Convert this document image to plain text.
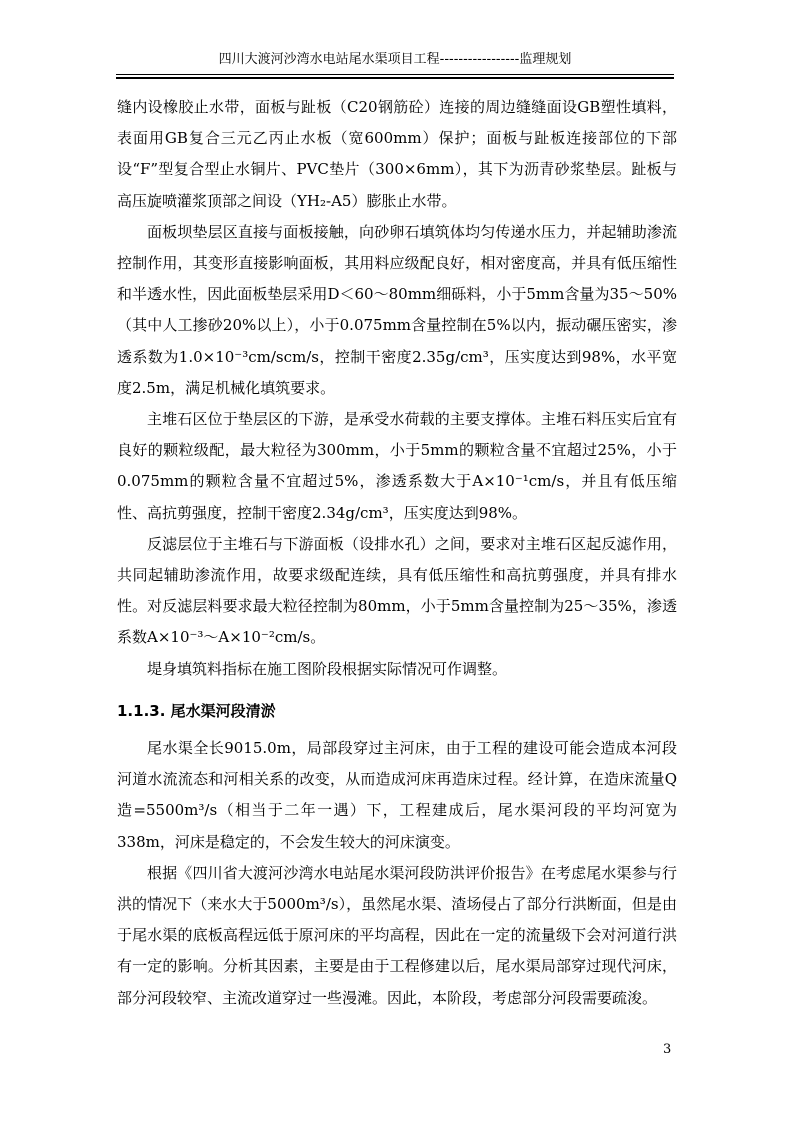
四川大渡河沙湾水电站尾水渠项目工程-----------------监理规划

缝内设橡胶止水带，面板与趾板（C20钢筋砼）连接的周边缝缝面设GB塑性填料，表面用GB复合三元乙丙止水板（宽600mm）保护；面板与趾板连接部位的下部设“F”型复合型止水铜片、PVC垫片（300×6mm），其下为沥青砂浆垫层。趾板与高压旋喷灌浆顶部之间设（YH₂-A5）膨胀止水带。

面板坝垫层区直接与面板接触，向砂卵石填筑体均匀传递水压力，并起辅助渗流控制作用，其变形直接影响面板，其用料应级配良好，相对密度高，并具有低压缩性和半透水性，因此面板垫层采用D＜60～80mm细砾料，小于5mm含量为35～50%（其中人工掺砂20%以上），小于0.075mm含量控制在5%以内，振动碾压密实，渗透系数为1.0×10⁻³cm/scm/s，控制干密度2.35g/cm³，压实度达到98%，水平宽度2.5m，满足机械化填筑要求。

主堆石区位于垫层区的下游，是承受水荷载的主要支撑体。主堆石料压实后宜有良好的颗粒级配，最大粒径为300mm，小于5mm的颗粒含量不宜超过25%，小于0.075mm的颗粒含量不宜超过5%，渗透系数大于A×10⁻¹cm/s，并且有低压缩性、高抗剪强度，控制干密度2.34g/cm³，压实度达到98%。

反滤层位于主堆石与下游面板（设排水孔）之间，要求对主堆石区起反滤作用，共同起辅助渗流作用，故要求级配连续，具有低压缩性和高抗剪强度，并具有排水性。对反滤层料要求最大粒径控制为80mm，小于5mm含量控制为25～35%，渗透系数A×10⁻³～A×10⁻²cm/s。

堤身填筑料指标在施工图阶段根据实际情况可作调整。

1.1.3. 尾水渠河段清淤

尾水渠全长9015.0m，局部段穿过主河床，由于工程的建设可能会造成本河段河道水流流态和河相关系的改变，从而造成河床再造床过程。经计算，在造床流量Q造=5500m³/s（相当于二年一遇）下，工程建成后，尾水渠河段的平均河宽为338m，河床是稳定的，不会发生较大的河床演变。

根据《四川省大渡河沙湾水电站尾水渠河段防洪评价报告》在考虑尾水渠参与行洪的情况下（来水大于5000m³/s），虽然尾水渠、渣场侵占了部分行洪断面，但是由于尾水渠的底板高程远低于原河床的平均高程，因此在一定的流量级下会对河道行洪有一定的影响。分析其因素，主要是由于工程修建以后，尾水渠局部穿过现代河床，部分河段较窄、主流改道穿过一些漫滩。因此，本阶段，考虑部分河段需要疏浚。

3
